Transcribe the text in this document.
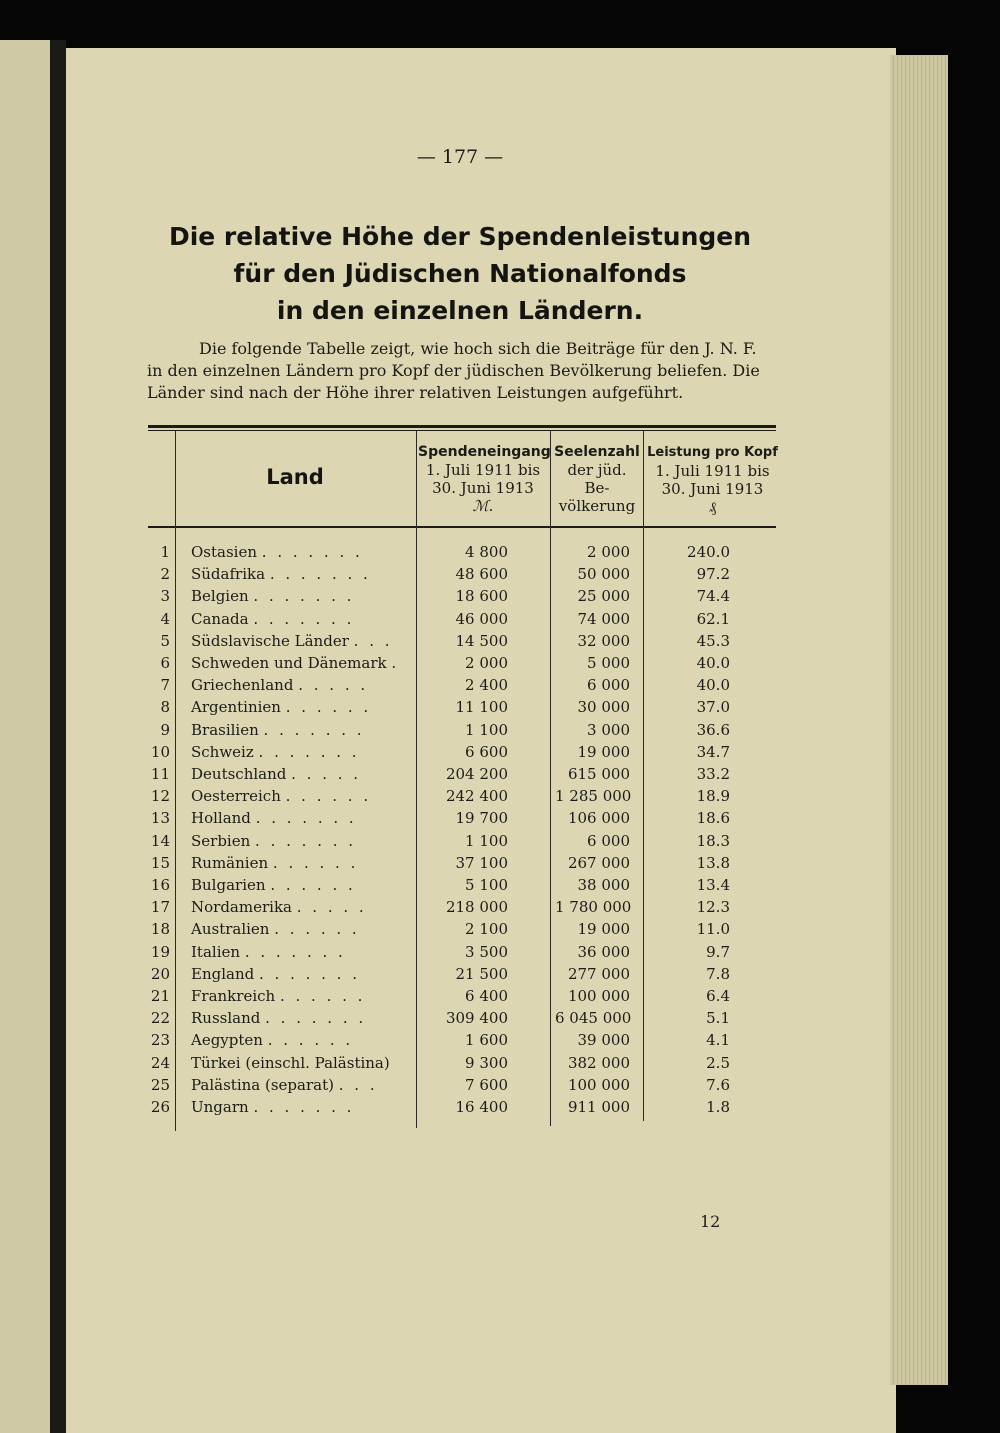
— 177 —
Die relative Höhe der Spendenleistungen
für den Jüdischen Nationalfonds
in den einzelnen Ländern.
Die folgende Tabelle zeigt, wie hoch sich die Beiträge für den J. N. F.
in den einzelnen Ländern pro Kopf der jüdischen Bevölkerung beliefen. Die
Länder sind nach der Höhe ihrer relativen Leistungen aufgeführt.
Land
Spendeneingang
1. Juli 1911 bis
30. Juni 1913
ℳ.
Seelenzahl
der jüd.
Be-
völkerung
Leistung pro Kopf
1. Juli 1911 bis
30. Juni 1913
₰
1 Ostasien . . . . . . .	4 800	2 000	240.0
2 Südafrika . . . . . . .	48 600	50 000	97.2
3 Belgien . . . . . . .	18 600	25 000	74.4
4 Canada . . . . . . .	46 000	74 000	62.1
5 Südslavische Länder . . .	14 500	32 000	45.3
6 Schweden und Dänemark .	2 000	5 000	40.0
7 Griechenland . . . . .	2 400	6 000	40.0
8 Argentinien . . . . . .	11 100	30 000	37.0
9 Brasilien . . . . . . .	1 100	3 000	36.6
10 Schweiz . . . . . . .	6 600	19 000	34.7
11 Deutschland . . . . .	204 200	615 000	33.2
12 Oesterreich . . . . . .	242 400	1 285 000	18.9
13 Holland . . . . . . .	19 700	106 000	18.6
14 Serbien . . . . . . .	1 100	6 000	18.3
15 Rumänien . . . . . .	37 100	267 000	13.8
16 Bulgarien . . . . . .	5 100	38 000	13.4
17 Nordamerika . . . . .	218 000	1 780 000	12.3
18 Australien . . . . . .	2 100	19 000	11.0
19 Italien . . . . . . .	3 500	36 000	9.7
20 England . . . . . . .	21 500	277 000	7.8
21 Frankreich . . . . . .	6 400	100 000	6.4
22 Russland . . . . . . .	309 400	6 045 000	5.1
23 Aegypten . . . . . .	1 600	39 000	4.1
24 Türkei (einschl. Palästina)	9 300	382 000	2.5
25 Palästina (separat) . . .	7 600	100 000	7.6
26 Ungarn . . . . . . .	16 400	911 000	1.8
12
